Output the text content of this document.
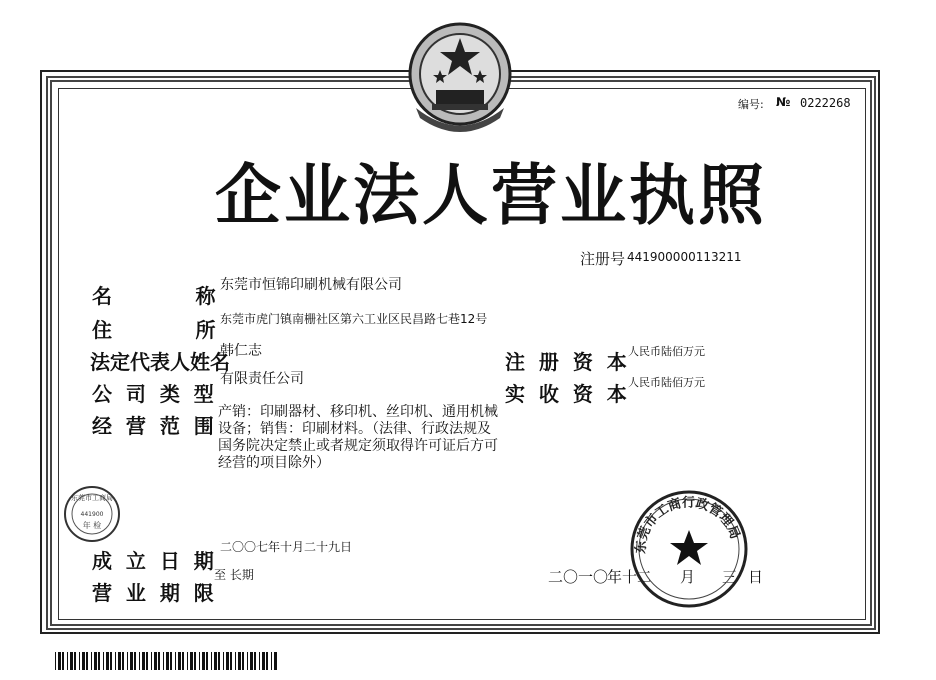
编号: № 0222268
企业法人营业执照
注册号 441900000113211
名            称 东莞市恒锦印刷机械有限公司
住            所 东莞市虎门镇南栅社区第六工业区民昌路七巷12号
法定代表人姓名
韩仁志
公  司  类  型
有限责任公司
经  营  范  围
产销：印刷器材、移印机、丝印机、通用机械设备；销售：印刷材料。（法律、行政法规及国务院决定禁止或者规定须取得许可证后方可经营的项目除外）
成  立  日  期
二〇〇七年十月二十九日
营  业  期  限
至 长期
注  册  资  本 人民币陆佰万元
实  收  资  本 人民币陆佰万元
东莞市工商局
441900
年 检
二〇一〇
年 十二 月 三 日
东莞市工商行政管理局
